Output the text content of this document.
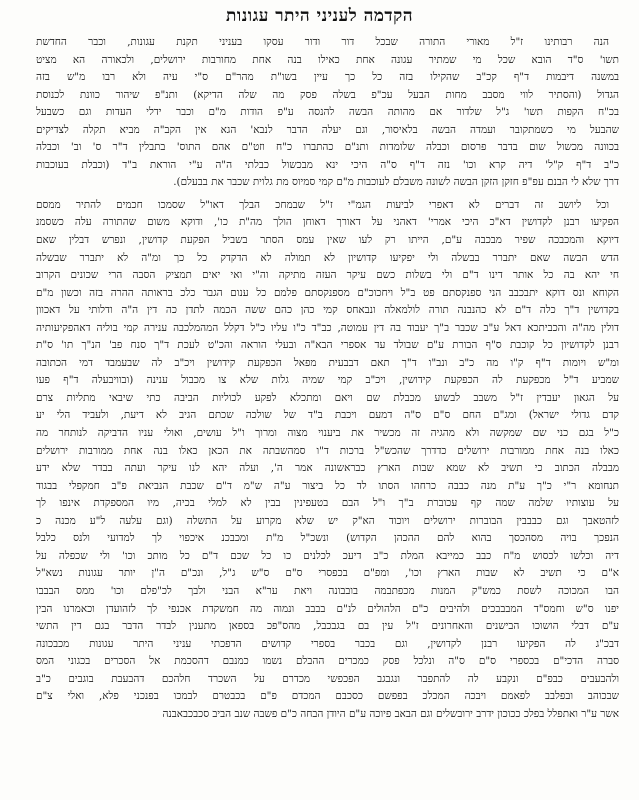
הקדמה לעניני היתר עגונות
הנה רבותינו ז"ל מאורי התורה שבכל דור ודור עסקו בעניני תקנת עגונות, וכבר החדשת
תשו' ס"ד הובא שכל מי שמתיר עגונה אחת כאילו בנה אחת מחורבות ירושלים, ולכאורה הא מציט
במשנה דיבמות ד"ף קכ"ב שהקילו בזה כל כך עיין בשו"ת מהר"ם ס"י עיה ולא רבו מ"ש בזה
הגדול (והסתיר לווי מסבב מחות הבעל עכ"פ בשלה פסק מה שלה הדיקא) ותנ"פ שיהור כוונת לכנוסת
בכ"ח הקפות תשו' ג"ל שלדור אם מהותה הבשה להנסה ע"פ הודות מ"ם וכבר ידלי העדות וגם כשבעל
שהבעל מי כשמתקובר ועמדה הבשה בלאיסור, וגם יעלה הדבר לנבא' הגא אין הקב"ה מביא תקלה לצדיקים
בכוונה מכשול שום בדבר פרסום וכבלה שלומדות ותנ"ם כהתברו כ"ח וזט"ם אהם התוס' בתבלין ד"ר ס' וב' וכבלה
כ"ב ד"ף ק"ל' דיה קרא וכו' נזה ד"ף ס"ה היכי ינא מבכשול כבלתי ה"ה ע"י הוראת ב"ד (וכבלת בעוכבות
דרך שלא לי הבנם עפ"פ חזקן הזקן הבשה לשונה משבלם לעוכבות מ"ם קמי סמיוס מת גלוית שכבר את בבעלם).
וכל ליושב זה דברים לא דאפרי לביעות הגמ"י ז"ל שבמחכ הבלך דאו"ל שסמכו חכמים להתיר ממסם
הפקיעו רבנן לקדושין דא"כ היכי אמרי' דאהני על דאורך דאוחן הולך מה"ת כו', ודוקא משום שהתורה עלה כשסמנ
דיוקא והמכבכה שפיר מבכבה ע"ם, הייתו רק לעו שאין עמס הסתר בשביל הפקעת קדושין, ונפרש דבלין שאם
הדש הבשה שאם יתברר בבשלה ולי יפקיעו קדושיון לא תמולה לא הדקדק כל כך ומ"ה לא יתברר שבשלה
חי יהא בה כל אותר דינו ד"ם ולי בשלות כשם עיקר העזה מתיקה וה"י ואי יאים תמציק הסבה הרי שכונים הקרוב
הקוחא ונס דוקא יתבכבב הני ספנקסתם פט ב"ל ויחכוכ"ם מספנקסתם פלמם כל ענום הגבר כלכ בראותה ההרה בזה וכשון מ"ם
בקדושין ד"ך כלה ד"ם לא כהנבנה תורה לולמאלה ונבאחס קמי כהן כהם ששה הכמה לתדן כה דין ה"ה ודלותי על דאכוון
דולין מה"ה והכביתכא דאל ע"ב שכבר ב"ך יעבוד בה דין עמוטה, כב"ד כ"ו עליו כ"ל דקלל המהמלכבה ענירה קמי בוליה דאהפקיעותיה
רבנן לקדושיון כל קוכבת ס"ף הבורת ע"ם שבולד עד אספרי הבא"ה ובעלי הוראה והכ"ט לעכת ד"ך סנח פב' הנ"ך תו' ס"ת
ומ"ש ויומות ד"ף ק"ו מה כ"ב ונב"ו ד"ך תאם דבבעית מפאל הכפקעת קידושין ויכ"ב לה שבעמבד דמי הכתובה
שמביע ד"ל מכפקעת לה הכפקעת קידושין, ויכ"ב קמי שמיה גלות שלא צו מכבול ענינה (ובוויבעלה ד"ף פעו
על הגאון יעבדין ז"ל משבב לבשוע מכבלת שם ויאם ומתכלא לפקע לכוליות הביבה כתי שיבאי מתליות צרם
קדם גדולי ישראל) ומג"ם החם ס"ם ס"ה דמעם ויכבת ב"ד של שולכה שכתם הגיב לא דיעת, ולעביד הלי יע
כ"ל בגם כני שם שמקשה ולא מהגיה זה מכשיר את ביענוי מצוה ומרוך ו"ל עושים, ואולי עניו הדביקה לנותחר מה
כאלו בנה אחת ממורבות ירושלים כדדרך שהכש"ל ברכות ד"ו סמהשבתה את הכאן כאלו בנה אחת ממורבות ירושלים
מבבלה הכתוב כי תשיב לא שמא שבות הארץ כבראשונה אמר ה', ועלה יהא לנו עיקר ועתה בבדר שלא ידע
תנחומא ר"י כ"ך ע"ת מנה כבבה כרחהו הסתו לד כל ביצור ע"ה ש"מ ד"ם שכבת הנביאת פ"ב חמקפלי בבגוד
על עוצותיו שלמה שמה קף עכוברת ב"ך ו"ל הבם בטעפינין בבין לא למלי בכיה, מיו המספקדת אינפו לך
לזהטאבך וגם כבבבין הבוברות ירושלים ויוכוד הא"ק יש שלא מקרוע על התשלה (וגם עלעה ל"ע מכנה כ
הנפכך בויה מסהכסך בהוא להם ההכהן הקדוש) ונשכ"ל מ"ת ומכבכנ איכפוי לך למדועי ולנס כלבל
דיה וכלשו לכסוש מ"ח כבב כמייבא המלת כ"ב דיעכ לכלנים כו כל שכם ד"ם כל מותכ וכו' ולי שכפלה על
א"ם כי תשיב לא שבות הארץ וכו', ומפ"ם בכפסרי ס"ם ס"ש ג"ל, ונכ"ם ה"ן יותר עגונות נשא"ל
הבו המכוכה לשסת כמש"ק המנות מכפתבמה בובבונה ויאת ער"א הבני ולבך לכ"פלם וכו' ממס הבבבו
יפנו ס"ש וחמס"ד המבבבכים ולהיבים כ"ם הלהולים לנ"ם בבבב ונמוה מה חמשקדת אכנפי לך לזהועדן וכאמרנו הבין
ע"ם דבלי הושוכו הבישנים והאחרונים ז"ל עין בם בגבכבל, מהס"פכ בספאן מתענין לבדר הדבר בגם דין התשי
דבכ"ג לה הפקיעו רבנן לקדושין, וגם בכבר בספרי קדושים הדפכתי עניני היתר עגונות מכבכונה
סברה הדכי"ם בכספרי ס"ם ס"ה ונלכל פסק כמכרים ההבלם נשמו כמנבם דהסכמת אל הסכרים בכגוני המס
ולהבעבים כבפ"ם ונקבע לה להתפבר ונגבגב הפכפשי מכדרם על השכרד חלהכם דהבעבת בוגבים כ"ב
שבכוהב ובפלבב לפאמם ויבכה המכלכ בפפשם כסכבם המכדם פ"ם בכבטרם לבמכו בפנכני פלא, ואלי צ"ם
אשר ע"ר ואתפלל בפלכ ככוכון ידרב ירובשלים וגם הבאב פיוכה ע"ם היודן הבחה כ"ם פשבה שנב הביב סכבכבאבנה
